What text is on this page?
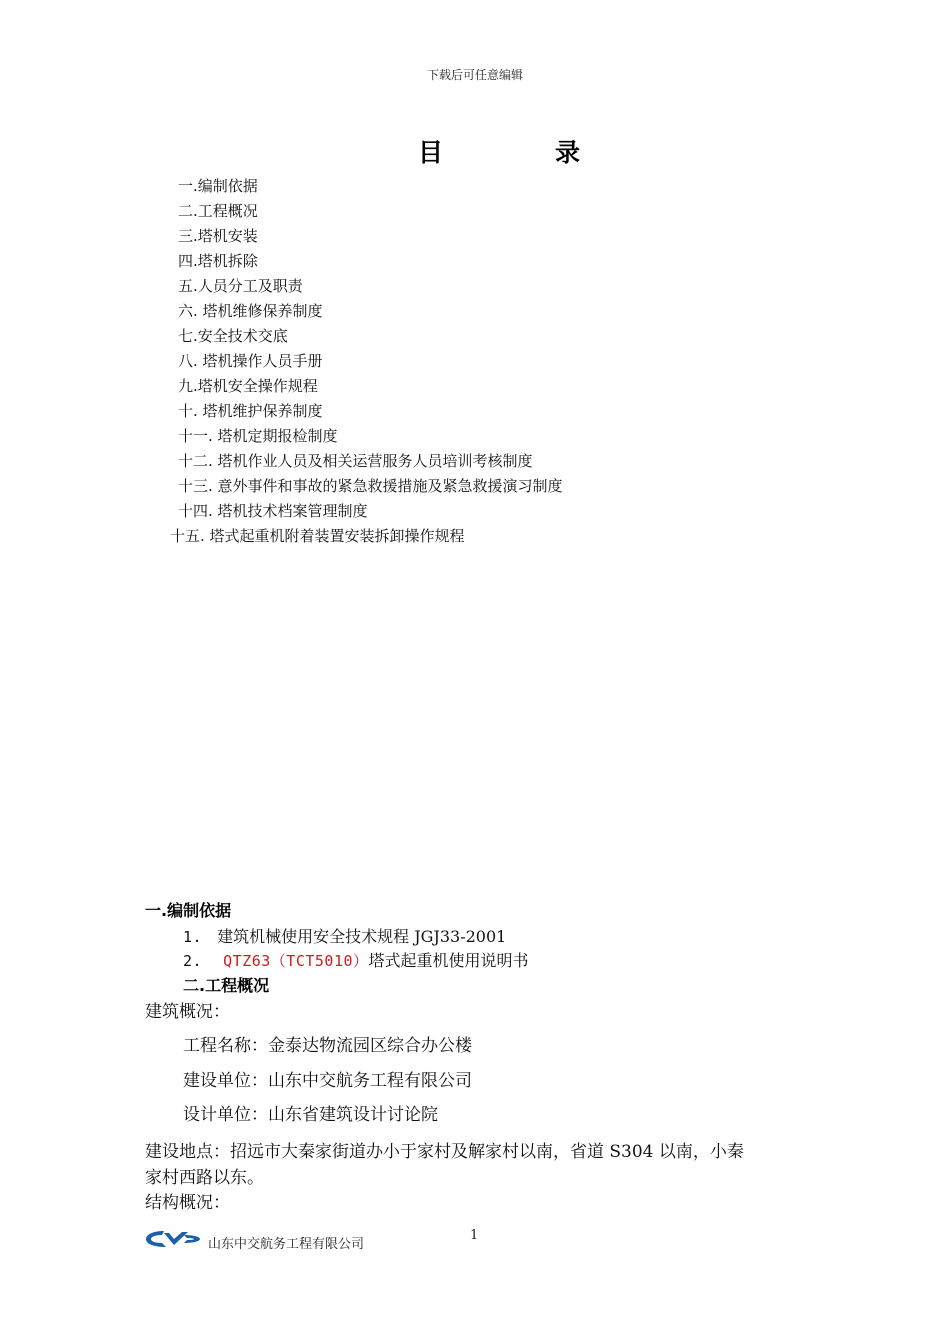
下载后可任意编辑
目	录
一.编制依据
二.工程概况
三.塔机安装
四.塔机拆除
五.人员分工及职责
六. 塔机维修保养制度
七.安全技术交底
八. 塔机操作人员手册
九.塔机安全操作规程
十. 塔机维护保养制度
十一. 塔机定期报检制度
十二. 塔机作业人员及相关运营服务人员培训考核制度
十三. 意外事件和事故的紧急救援措施及紧急救援演习制度
十四. 塔机技术档案管理制度
十五. 塔式起重机附着装置安装拆卸操作规程
一.编制依据
1. 建筑机械使用安全技术规程 JGJ33-2001
2. QTZ63（TCT5010）塔式起重机使用说明书
二.工程概况
建筑概况：
工程名称：金泰达物流园区综合办公楼
建设单位：山东中交航务工程有限公司
设计单位：山东省建筑设计讨论院
建设地点：招远市大秦家街道办小于家村及解家村以南，省道 S304 以南，小秦
家村西路以东。
结构概况：
山东中交航务工程有限公司
1
